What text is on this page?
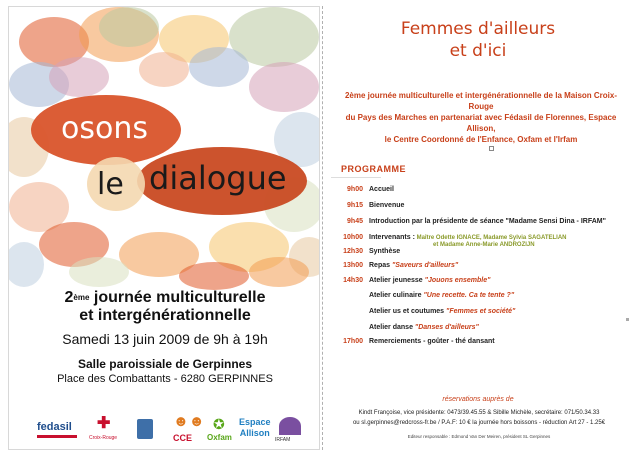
osons
le dialogue
2ème journée multiculturelle
et intergénérationnelle
Samedi 13 juin 2009 de 9h à 19h
Salle paroissiale de Gerpinnes
Place des Combattants - 6280 GERPINNES
fedasil ✚
Croix-Rouge
☻☻
CCE
✪
Oxfam
Espace
Allison
IRFAM
Femmes d'ailleurs
et d'ici
2ème journée multiculturelle et intergénérationnelle de la Maison Croix-Rouge
du Pays des Marches en partenariat avec Fédasil de Florennes, Espace Allison,
le Centre Coordonné de l'Enfance, Oxfam et l'Irfam
PROGRAMME
9h00 Accueil
9h15 Bienvenue
9h45 Introduction par la présidente de séance "Madame Sensi Dina - IRFAM"
10h00 Intervenants : Maître Odette IGNACE, Madame Sylvia SAGATELIAN
et Madame Anne-Marie ANDROZIJN
12h30 Synthèse
13h00 Repas "Saveurs d'ailleurs"
14h30 Atelier jeunesse "Jouons ensemble"
Atelier culinaire "Une recette. Ca te tente ?"
Atelier us et coutumes "Femmes et société"
Atelier danse "Danses d'ailleurs"
17h00 Remerciements - goûter - thé dansant
réservations auprès de
Kindt Françoise, vice présidente: 0473/39.45.55 & Sibille Michèle, secrétaire: 071/50.34.33
ou sl.gerpinnes@redcross-fr.be / P.A.F: 10 € la journée hors boissons - réduction Art 27 - 1.25€
Editeur responsable : Edmond Van Der Meiren, président SL Gerpinnes
